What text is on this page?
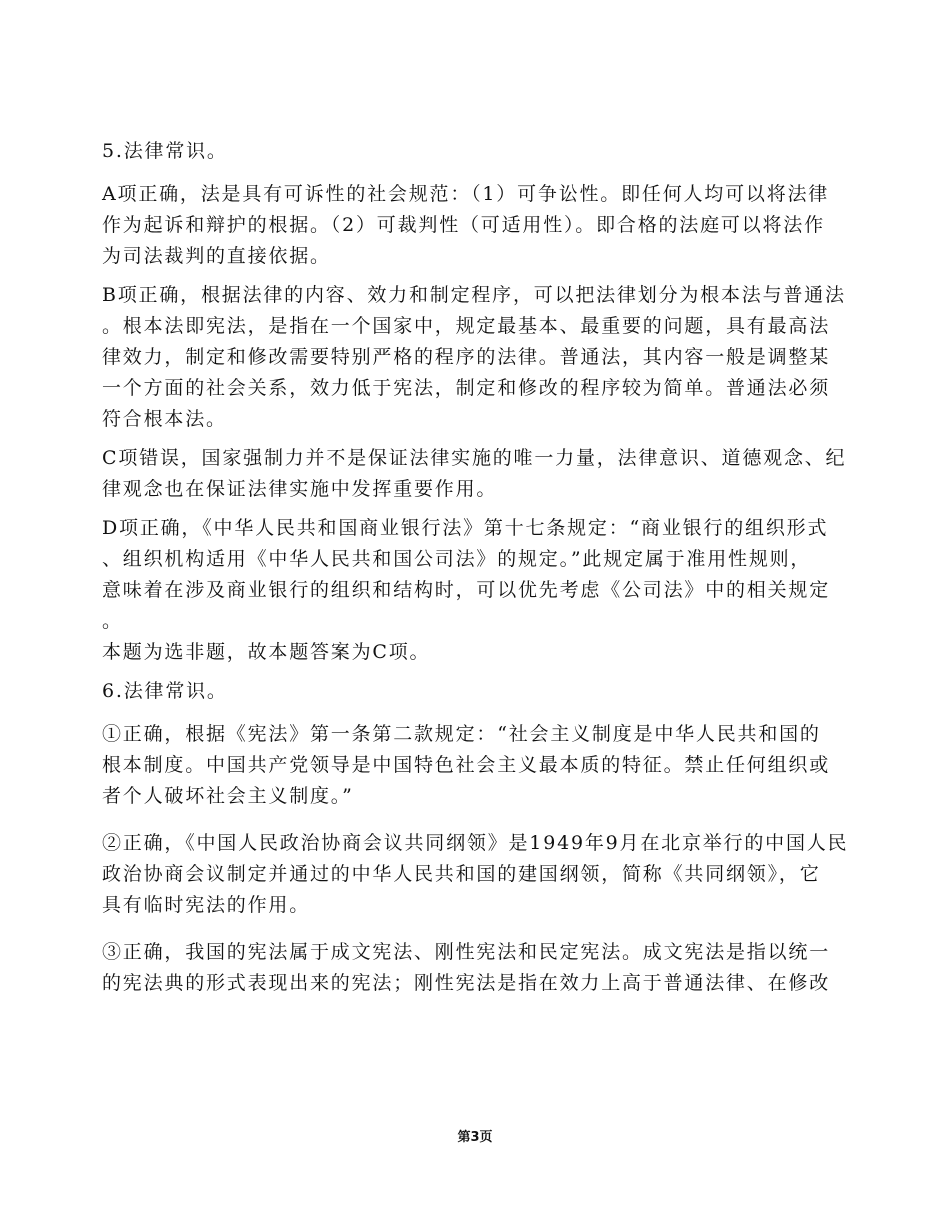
5.法律常识。
A项正确，法是具有可诉性的社会规范：（1）可争讼性。即任何人均可以将法律
作为起诉和辩护的根据。（2）可裁判性（可适用性）。即合格的法庭可以将法作
为司法裁判的直接依据。
B项正确，根据法律的内容、效力和制定程序，可以把法律划分为根本法与普通法
。根本法即宪法，是指在一个国家中，规定最基本、最重要的问题，具有最高法
律效力，制定和修改需要特别严格的程序的法律。普通法，其内容一般是调整某
一个方面的社会关系，效力低于宪法，制定和修改的程序较为简单。普通法必须
符合根本法。
C项错误，国家强制力并不是保证法律实施的唯一力量，法律意识、道德观念、纪
律观念也在保证法律实施中发挥重要作用。
D项正确，《中华人民共和国商业银行法》第十七条规定：“商业银行的组织形式
、组织机构适用《中华人民共和国公司法》的规定。”此规定属于准用性规则，
意味着在涉及商业银行的组织和结构时，可以优先考虑《公司法》中的相关规定
。
本题为选非题，故本题答案为C项。
6.法律常识。
①正确，根据《宪法》第一条第二款规定：“社会主义制度是中华人民共和国的
根本制度。中国共产党领导是中国特色社会主义最本质的特征。禁止任何组织或
者个人破坏社会主义制度。”
②正确，《中国人民政治协商会议共同纲领》是1949年9月在北京举行的中国人民
政治协商会议制定并通过的中华人民共和国的建国纲领，简称《共同纲领》，它
具有临时宪法的作用。
③正确，我国的宪法属于成文宪法、刚性宪法和民定宪法。成文宪法是指以统一
的宪法典的形式表现出来的宪法；刚性宪法是指在效力上高于普通法律、在修改
第3页
